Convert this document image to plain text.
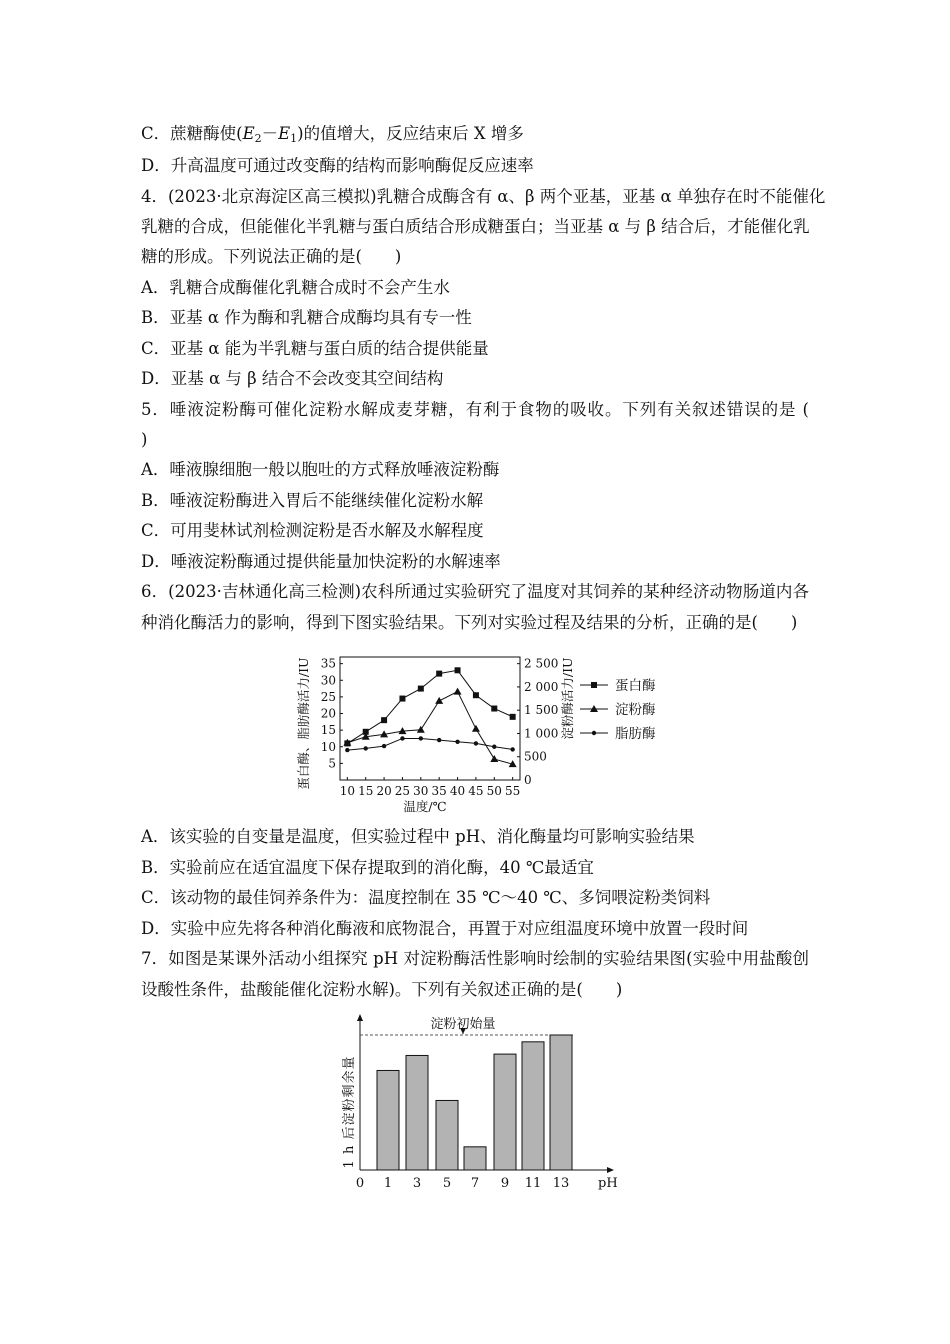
C．蔗糖酶使$(E_2-E_1)$的值增大，反应结束后 X 增多
D．升高温度可通过改变酶的结构而影响酶促反应速率
4．(2023·北京海淀区高三模拟)乳糖合成酶含有 α、β 两个亚基，亚基 α 单独存在时不能催化
乳糖的合成，但能催化半乳糖与蛋白质结合形成糖蛋白；当亚基 α 与 β 结合后，才能催化乳
糖的形成。下列说法正确的是(　　)
A．乳糖合成酶催化乳糖合成时不会产生水
B．亚基 α 作为酶和乳糖合成酶均具有专一性
C．亚基 α 能为半乳糖与蛋白质的结合提供能量
D．亚基 α 与 β 结合不会改变其空间结构
5．唾液淀粉酶可催化淀粉水解成麦芽糖，有利于食物的吸收。下列有关叙述错误的是 (
)
A．唾液腺细胞一般以胞吐的方式释放唾液淀粉酶
B．唾液淀粉酶进入胃后不能继续催化淀粉水解
C．可用斐林试剂检测淀粉是否水解及水解程度
D．唾液淀粉酶通过提供能量加快淀粉的水解速率
6．(2023·吉林通化高三检测)农科所通过实验研究了温度对其饲养的某种经济动物肠道内各
种消化酶活力的影响，得到下图实验结果。下列对实验过程及结果的分析，正确的是(　　)
10 15 20 25 30 35 40 45 50 55
5
10
15
20
25
30
35
0
500
1 000
1 500
2 000
2 500
温度/℃
蛋白酶、脂肪酶活力/IU	淀粉酶活力/IU	蛋白酶
淀粉酶
脂肪酶
A．该实验的自变量是温度，但实验过程中 pH、消化酶量均可影响实验结果
B．实验前应在适宜温度下保存提取到的消化酶，40 ℃最适宜
C．该动物的最佳饲养条件为：温度控制在 35 ℃～40 ℃、多饲喂淀粉类饲料
D．实验中应先将各种消化酶液和底物混合，再置于对应组温度环境中放置一段时间
7．如图是某课外活动小组探究 pH 对淀粉酶活性影响时绘制的实验结果图(实验中用盐酸创
设酸性条件，盐酸能催化淀粉水解)。下列有关叙述正确的是(　　)
淀粉初始量
1 3 5 7 9 11 13
0	pH
1 h 后淀粉剩余量
